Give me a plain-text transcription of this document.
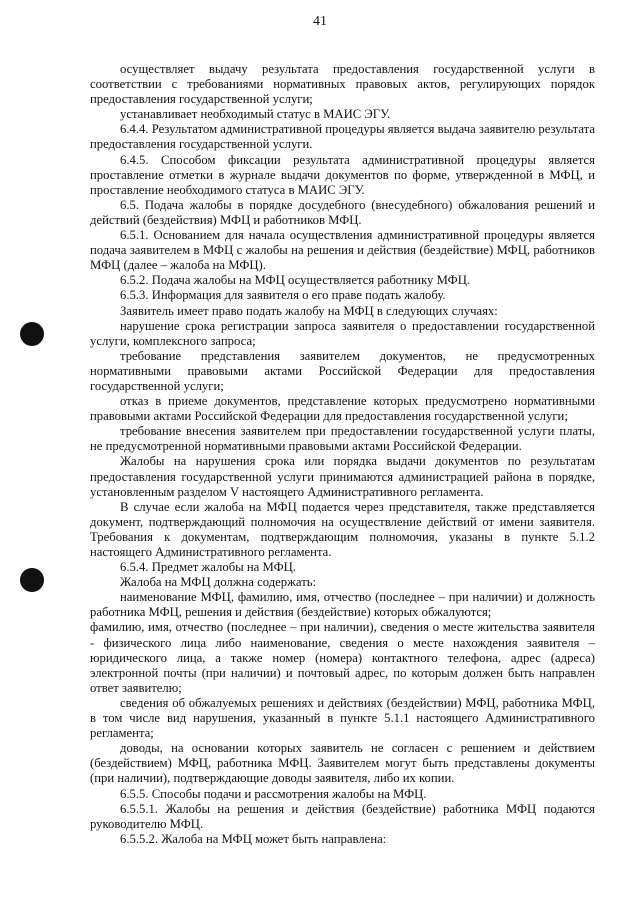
41

осуществляет выдачу результата предоставления государственной услуги в соответствии с требованиями нормативных правовых актов, регулирующих порядок предоставления государственной услуги;

устанавливает необходимый статус в МАИС ЭГУ.

6.4.4. Результатом административной процедуры является выдача заявителю результата предоставления государственной услуги.

6.4.5. Способом фиксации результата административной процедуры является проставление отметки в журнале выдачи документов по форме, утвержденной в МФЦ, и проставление необходимого статуса в МАИС ЭГУ.

6.5. Подача жалобы в порядке досудебного (внесудебного) обжалования решений и действий (бездействия) МФЦ и работников МФЦ.

6.5.1. Основанием для начала осуществления административной процедуры является подача заявителем в МФЦ с жалобы на решения и действия (бездействие) МФЦ, работников МФЦ (далее – жалоба на МФЦ).

6.5.2. Подача жалобы на МФЦ осуществляется работнику МФЦ.

6.5.3. Информация для заявителя о его праве подать жалобу.

Заявитель имеет право подать жалобу на МФЦ в следующих случаях:

нарушение срока регистрации запроса заявителя о предоставлении государственной услуги, комплексного запроса;

требование представления заявителем документов, не предусмотренных нормативными правовыми актами Российской Федерации для предоставления государственной услуги;

отказ в приеме документов, представление которых предусмотрено нормативными правовыми актами Российской Федерации для предоставления государственной услуги;

требование внесения заявителем при предоставлении государственной услуги платы, не предусмотренной нормативными правовыми актами Российской Федерации.

Жалобы на нарушения срока или порядка выдачи документов по результатам предоставления государственной услуги принимаются администрацией района в порядке, установленным разделом V настоящего Административного регламента.

В случае если жалоба на МФЦ подается через представителя, также представляется документ, подтверждающий полномочия на осуществление действий от имени заявителя. Требования к документам, подтверждающим полномочия, указаны в пункте 5.1.2 настоящего Административного регламента.

6.5.4. Предмет жалобы на МФЦ.

Жалоба на МФЦ должна содержать:

наименование МФЦ, фамилию, имя, отчество (последнее – при наличии) и должность работника МФЦ, решения и действия (бездействие) которых обжалуются;

фамилию, имя, отчество (последнее – при наличии), сведения о месте жительства заявителя - физического лица либо наименование, сведения о месте нахождения заявителя – юридического лица, а также номер (номера) контактного телефона, адрес (адреса) электронной почты (при наличии) и почтовый адрес, по которым должен быть направлен ответ заявителю;

сведения об обжалуемых решениях и действиях (бездействии) МФЦ, работника МФЦ, в том числе вид нарушения, указанный в пункте 5.1.1 настоящего Административного регламента;

доводы, на основании которых заявитель не согласен с решением и действием (бездействием) МФЦ, работника МФЦ. Заявителем могут быть представлены документы (при наличии), подтверждающие доводы заявителя, либо их копии.

6.5.5. Способы подачи и рассмотрения жалобы на МФЦ.

6.5.5.1. Жалобы на решения и действия (бездействие) работника МФЦ подаются руководителю МФЦ.

6.5.5.2. Жалоба на МФЦ может быть направлена:
